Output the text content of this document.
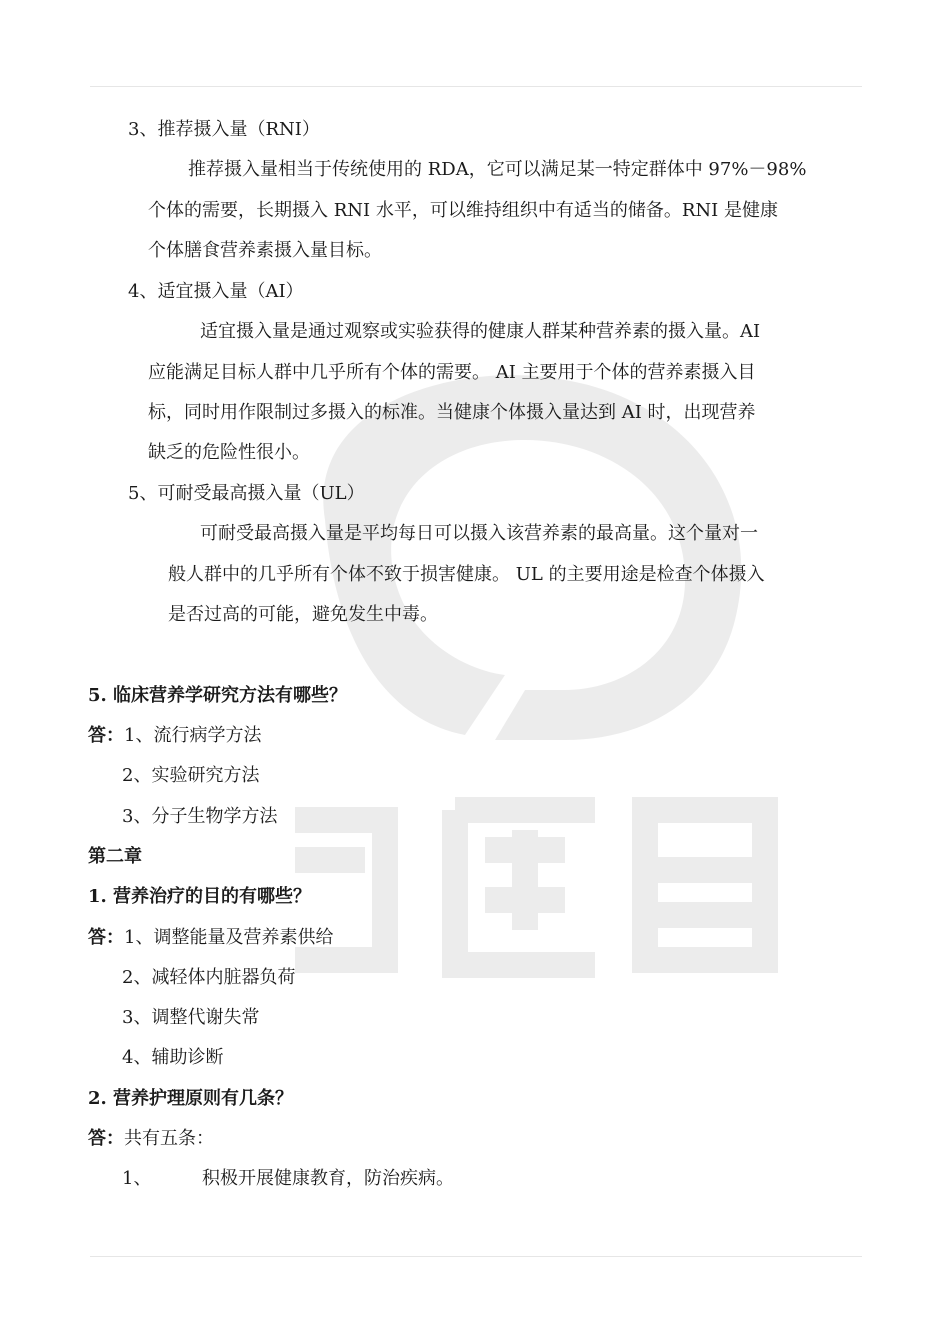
3、推荐摄入量（RNI）
推荐摄入量相当于传统使用的 RDA，它可以满足某一特定群体中 97%－98%
个体的需要，长期摄入 RNI 水平，可以维持组织中有适当的储备。RNI 是健康
个体膳食营养素摄入量目标。
4、适宜摄入量（AI）
适宜摄入量是通过观察或实验获得的健康人群某种营养素的摄入量。AI
应能满足目标人群中几乎所有个体的需要。 AI 主要用于个体的营养素摄入目
标，同时用作限制过多摄入的标准。当健康个体摄入量达到 AI 时，出现营养
缺乏的危险性很小。
5、可耐受最高摄入量（UL）
可耐受最高摄入量是平均每日可以摄入该营养素的最高量。这个量对一
般人群中的几乎所有个体不致于损害健康。 UL 的主要用途是检查个体摄入
是否过高的可能，避免发生中毒。
5. 临床营养学研究方法有哪些？
答：1、流行病学方法
2、实验研究方法
3、分子生物学方法
第二章
1. 营养治疗的目的有哪些？
答：1、调整能量及营养素供给
2、减轻体内脏器负荷
3、调整代谢失常
4、辅助诊断
2. 营养护理原则有几条？
答：共有五条：
1、	积极开展健康教育，防治疾病。
